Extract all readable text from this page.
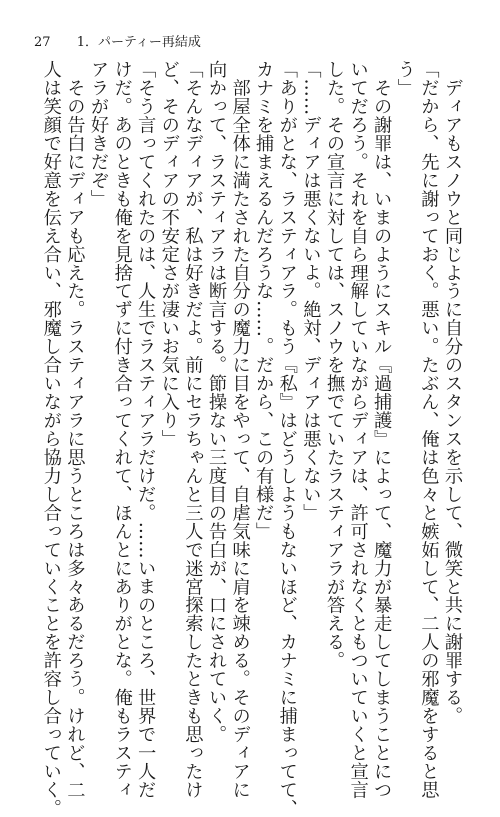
27 1．パーティー再結成
　ディアもスノウと同じように自分のスタンスを示して、微笑と共に謝罪する。
「だから、先に謝っておく。悪い。たぶん、俺は色々と嫉妬して、二人の邪魔をすると思
う」
　その謝罪は、いまのようにスキル『過捕護』によって、魔力が暴走してしまうことにつ
いてだろう。それを自ら理解していながらディアは、許可されなくともついていくと宣言
した。その宣言に対しては、スノウを撫でていたラスティアラが答える。
「……ディアは悪くないよ。絶対、ディアは悪くない」
「ありがとな、ラスティアラ。もう『私』はどうしようもないほど、カナミに捕まってて、
カナミを捕まえるんだろうな……。だから、この有様だ」
　部屋全体に満たされた自分の魔力に目をやって、自虐気味に肩を竦める。そのディアに
向かって、ラスティアラは断言する。節操ない三度目の告白が、口にされていく。
「そんなディアが、私は好きだよ。前にセラちゃんと三人で迷宮探索したときも思ったけ
ど、そのディアの不安定さが凄いお気に入り」
「そう言ってくれたのは、人生でラスティアラだけだ。……いまのところ、世界で一人だ
けだ。あのときも俺を見捨てずに付き合ってくれて、ほんとにありがとな。俺もラスティ
アラが好きだぞ」
　その告白にディアも応えた。ラスティアラに思うところは多々あるだろう。けれど、二
人は笑顔で好意を伝え合い、邪魔し合いながら協力し合っていくことを許容し合っていく。
